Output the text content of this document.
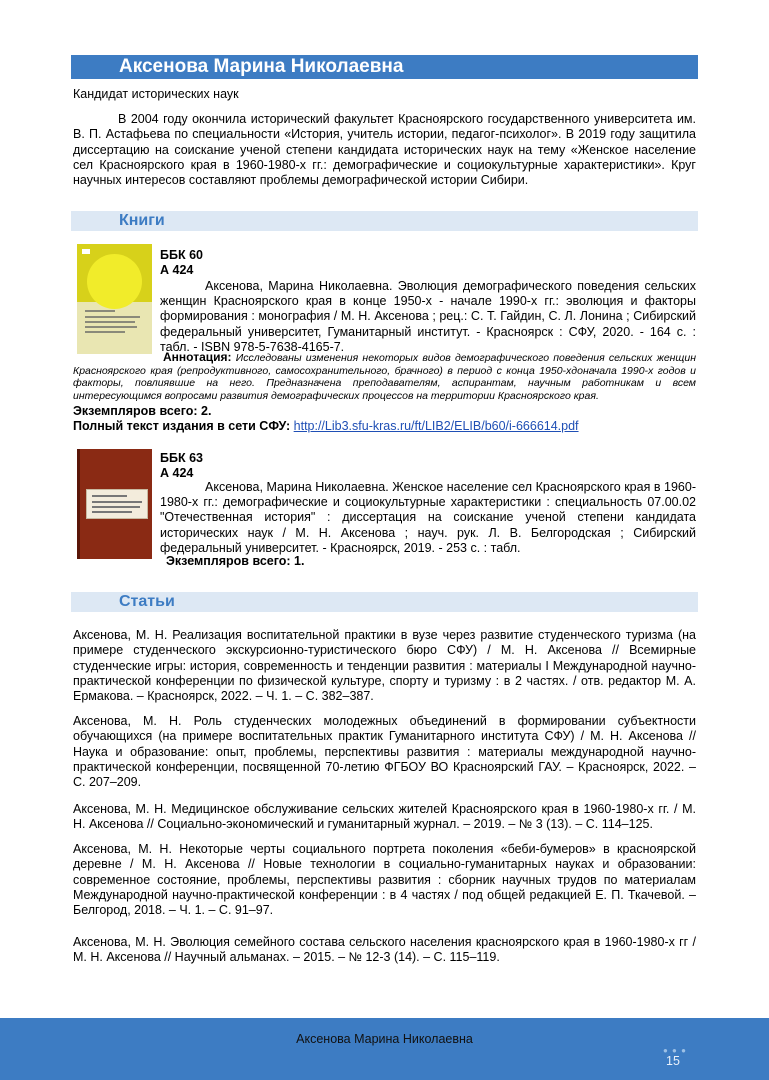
Аксенова Марина Николаевна
Кандидат исторических наук
В 2004 году окончила исторический факультет Красноярского государственного университета им. В. П. Астафьева по специальности «История, учитель истории, педагог-психолог». В 2019 году защитила диссертацию на соискание ученой степени кандидата исторических наук на тему «Женское население сел Красноярского края в 1960-1980-х гг.: демографические и социокультурные характеристики». Круг научных интересов составляют проблемы демографической истории Сибири.
Книги
ББК 60
А 424
Аксенова, Марина Николаевна. Эволюция демографического поведения сельских женщин Красноярского края в конце 1950-х - начале 1990-х гг.: эволюция и факторы формирования : монография / М. Н. Аксенова ; рец.: С. Т. Гайдин, С. Л. Лонина ; Сибирский федеральный университет, Гуманитарный институт. - Красноярск : СФУ, 2020. - 164 с. : табл. - ISBN 978-5-7638-4165-7.
Аннотация: Исследованы изменения некоторых видов демографического поведения сельских женщин Красноярского края (репродуктивного, самосохранительного, брачного) в период с конца 1950-хдоначала 1990-х годов и факторы, повлиявшие на него. Предназначена преподавателям, аспирантам, научным работникам и всем интересующимся вопросами развития демографических процессов на территории Красноярского края.
Экземпляров всего: 2.
Полный текст издания в сети СФУ: http://Lib3.sfu-kras.ru/ft/LIB2/ELIB/b60/i-666614.pdf
ББК 63
А 424
Аксенова, Марина Николаевна. Женское население сел Красноярского края в 1960-1980-х гг.: демографические и социокультурные характеристики : специальность 07.00.02 "Отечественная история" : диссертация на соискание ученой степени кандидата исторических наук / М. Н. Аксенова ; науч. рук. Л. В. Белгородская ; Сибирский федеральный университет. - Красноярск, 2019. - 253 с. : табл.
Экземпляров всего: 1.
Статьи
Аксенова, М. Н. Реализация воспитательной практики в вузе через развитие студенческого туризма (на примере студенческого экскурсионно-туристического бюро СФУ) / М. Н. Аксенова // Всемирные студенческие игры: история, современность и тенденции развития : материалы I Международной научно-практической конференции по физической культуре, спорту и туризму : в 2 частях. / отв. редактор М. А. Ермакова. – Красноярск, 2022. – Ч. 1. – С. 382–387.
Аксенова, М. Н. Роль студенческих молодежных объединений в формировании субъектности обучающихся (на примере воспитательных практик Гуманитарного института СФУ) / М. Н. Аксенова // Наука и образование: опыт, проблемы, перспективы развития : материалы международной научно-практической конференции, посвященной 70-летию ФГБОУ ВО Красноярский ГАУ. – Красноярск, 2022. – С. 207–209.
Аксенова, М. Н. Медицинское обслуживание сельских жителей Красноярского края в 1960-1980-х гг. / М. Н. Аксенова // Социально-экономический и гуманитарный журнал. – 2019. – № 3 (13). – С. 114–125.
Аксенова, М. Н. Некоторые черты социального портрета поколения «беби-бумеров» в красноярской деревне / М. Н. Аксенова // Новые технологии в социально-гуманитарных науках и образовании: современное состояние, проблемы, перспективы развития : сборник научных трудов по материалам Международной научно-практической конференции : в 4 частях / под общей редакцией Е. П. Ткачевой. – Белгород, 2018. – Ч. 1. – С. 91–97.
Аксенова, М. Н. Эволюция семейного состава сельского населения красноярского края в 1960-1980-х гг / М. Н. Аксенова // Научный альманах. – 2015. – № 12-3 (14). – С. 115–119.
Аксенова Марина Николаевна
● ● ●
15
